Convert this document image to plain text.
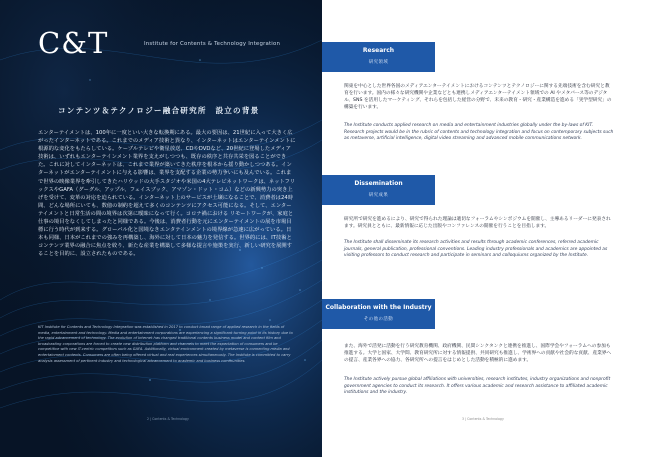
C&T	Institute for Contents & Technology Integration
コンテンツ＆テクノロジー融合研究所　設立の背景

エンターテイメントは、100年に一度といい大きな転換期にある。最大の要因は、21世紀に入って大きく広がったインターネットである。これまでのメディア技術と異なり、インターネットはエンターテインメントに根源的な変化をもたらしている。ケーブルテレビや衛星放送、CDやDVDなど、20世紀に登場したメディア技術は、いずれもエンターテインメント業界を支えがしつつも、既存の秩序と共存共栄を図ることができた。これに対してインターネットは、これまで業界が築いてきた秩序を根本から揺り動かしつつある。インターネットがエンターテイメントに与える影響は、業界を支配する企業の勢力争いにも及んでいる。これまで世界の映像業界を牽引してきたハリウッドの大手スタジオや米国の4大テレビネットワークは、ネットフリックスやGAFA（グーグル、アップル、フェイスブック、アマゾン・ドット・コム）などの新興勢力の突き上げを受けて、変革の対応を迫られている。インターネット上のサービスが土壌になることで、消費者は24時間、どんな場所にいても、数億の制約を超えて多くのコンテンツにアクセス可能になる。そして、エンターテイメントと日常生活の間の境界は次第に曖昧になって行く。コロナ禍における リモートワークが、家庭と仕事の境目をなくしてしまったと同様である。今後は、消費者行動を元にエンターテイメントの展を市場目標に行う時代が到来する。グローバル化と国境なきエンタテインメントの境界線が急速に広がっている。日本も同様、日本がこれまでの強みを再構築し、海外に対して日本の魅力を発信する。世界的には、IT技術とコンテンツ業界の融合に焦点を絞り、新たな産業を構築して多様な提言や施策を実行、新しい研究を展開することを目的に、設立されたものである。

KIT Institute for Contents and Technology Integration was established in 2017 to conduct broad range of applied research in the fields of media, entertainment and technology. Media and entertainment corporations are experiencing a significant turning point in its history due to the rapid advancement of technology. The evolution of Internet has changed traditional contents business model and content film and broadcasting corporations are forced to create new distribution platform and channels to meet the expectation of consumers and be competitive with new IT-centric competitors such as GAFA. Additionally, virtual environment created by metaverse is connecting media and entertainment contents. Consumers are often being offered virtual and real experiences simultaneously. The Institute is committed to carry analysis assessment of pertinent industry and technological advancement to academic and business communities.

2 | Contents & Technology
Research
研究領域

関東を中心とした世界各国のメディアエンターテイメントにおけるコンテンツとテクノロジーに関する先端技術を含む研究と教育を行います。国内の様々な研究機関や企業などとも連携しメディアエンターテイメント領域での AI やメタバース等のデジタル、SNS を活用したマーケティング、それらを包括した経営の分野で、未来の教育・研究・産業構造を進める「実学型研究」の構築を行います。

The Institute conducts applied research on media and entertainment industries globally under the by-laws of KIT. Research projects would be in the rubric of contents and technology integration and focus on contemporary subjects such as metaverse, artificial intelligence, digital video streaming and advanced mobile communications network.

Dissemination
研究成果

研究所で研究を進めるにより、研究で得られた理論は適切なフォーラムやシンポジウムを開催し、主導あるリーダーに発表されます。研究員とともに、最新情報に応じた出版やコンファレンスの開催を行うことを目指します。

The Institute shall disseminate its research activities and results through academic conferences, referred academic journals, general publication, professional conventions. Leading industry professionals and academics are appointed as visiting professors to conduct research and participate in seminars and colloquiums organized by the Institute.

Collaboration with the Industry
その他の活動

また、海外で活発に活動を行う研究教育機関、政府機関、民間シンクタンクと連携を推進し、国際学会やフォーラムへの参加も推進する。大学と国家、大学間、教育研究所に対する情報提供、共同研究も推進し、学術界への貢献や社会的な貢献、産業界への提言、産業各界への協力、各研究所への提言をはじめとした活動を積極的に進めます。

The Institute actively pursue global affiliations with universities, research institutes, industry organizations and nonprofit government agencies to conduct its research. It offers various academic and research assistance to affiliated academic institutions and the industry.

3 | Contents & Technology
